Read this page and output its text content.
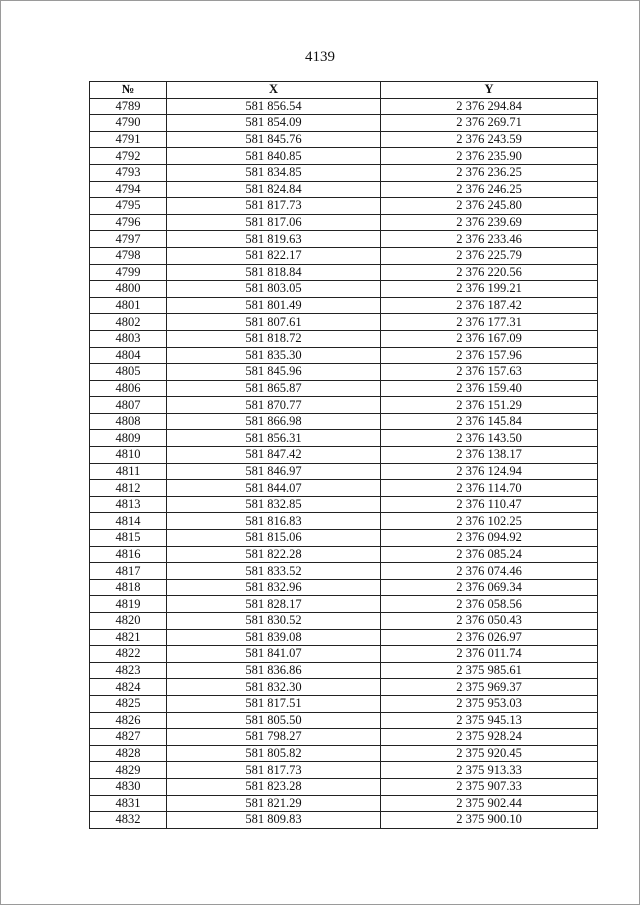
4139
№	X	Y
4789	581 856.54	2 376 294.84
4790	581 854.09	2 376 269.71
4791	581 845.76	2 376 243.59
4792	581 840.85	2 376 235.90
4793	581 834.85	2 376 236.25
4794	581 824.84	2 376 246.25
4795	581 817.73	2 376 245.80
4796	581 817.06	2 376 239.69
4797	581 819.63	2 376 233.46
4798	581 822.17	2 376 225.79
4799	581 818.84	2 376 220.56
4800	581 803.05	2 376 199.21
4801	581 801.49	2 376 187.42
4802	581 807.61	2 376 177.31
4803	581 818.72	2 376 167.09
4804	581 835.30	2 376 157.96
4805	581 845.96	2 376 157.63
4806	581 865.87	2 376 159.40
4807	581 870.77	2 376 151.29
4808	581 866.98	2 376 145.84
4809	581 856.31	2 376 143.50
4810	581 847.42	2 376 138.17
4811	581 846.97	2 376 124.94
4812	581 844.07	2 376 114.70
4813	581 832.85	2 376 110.47
4814	581 816.83	2 376 102.25
4815	581 815.06	2 376 094.92
4816	581 822.28	2 376 085.24
4817	581 833.52	2 376 074.46
4818	581 832.96	2 376 069.34
4819	581 828.17	2 376 058.56
4820	581 830.52	2 376 050.43
4821	581 839.08	2 376 026.97
4822	581 841.07	2 376 011.74
4823	581 836.86	2 375 985.61
4824	581 832.30	2 375 969.37
4825	581 817.51	2 375 953.03
4826	581 805.50	2 375 945.13
4827	581 798.27	2 375 928.24
4828	581 805.82	2 375 920.45
4829	581 817.73	2 375 913.33
4830	581 823.28	2 375 907.33
4831	581 821.29	2 375 902.44
4832	581 809.83	2 375 900.10
